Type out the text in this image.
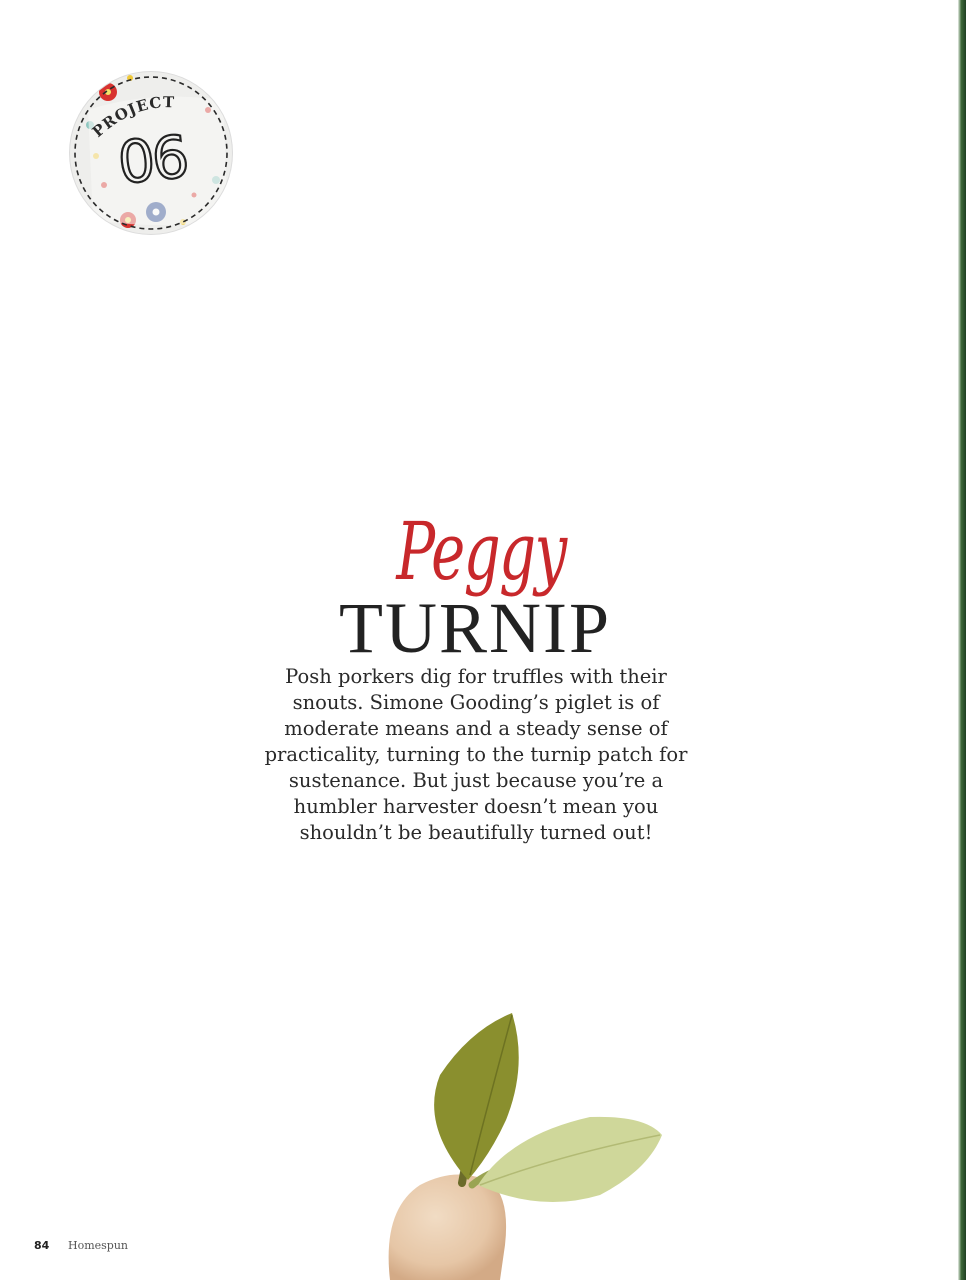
PROJECT
06
Peggy
TURNIP

Posh porkers dig for truffles with their snouts. Simone Gooding’s piglet is of moderate means and a steady sense of practicality, turning to the turnip patch for sustenance. But just because you’re a humbler harvester doesn’t mean you shouldn’t be beautifully turned out!

84 Homespun
